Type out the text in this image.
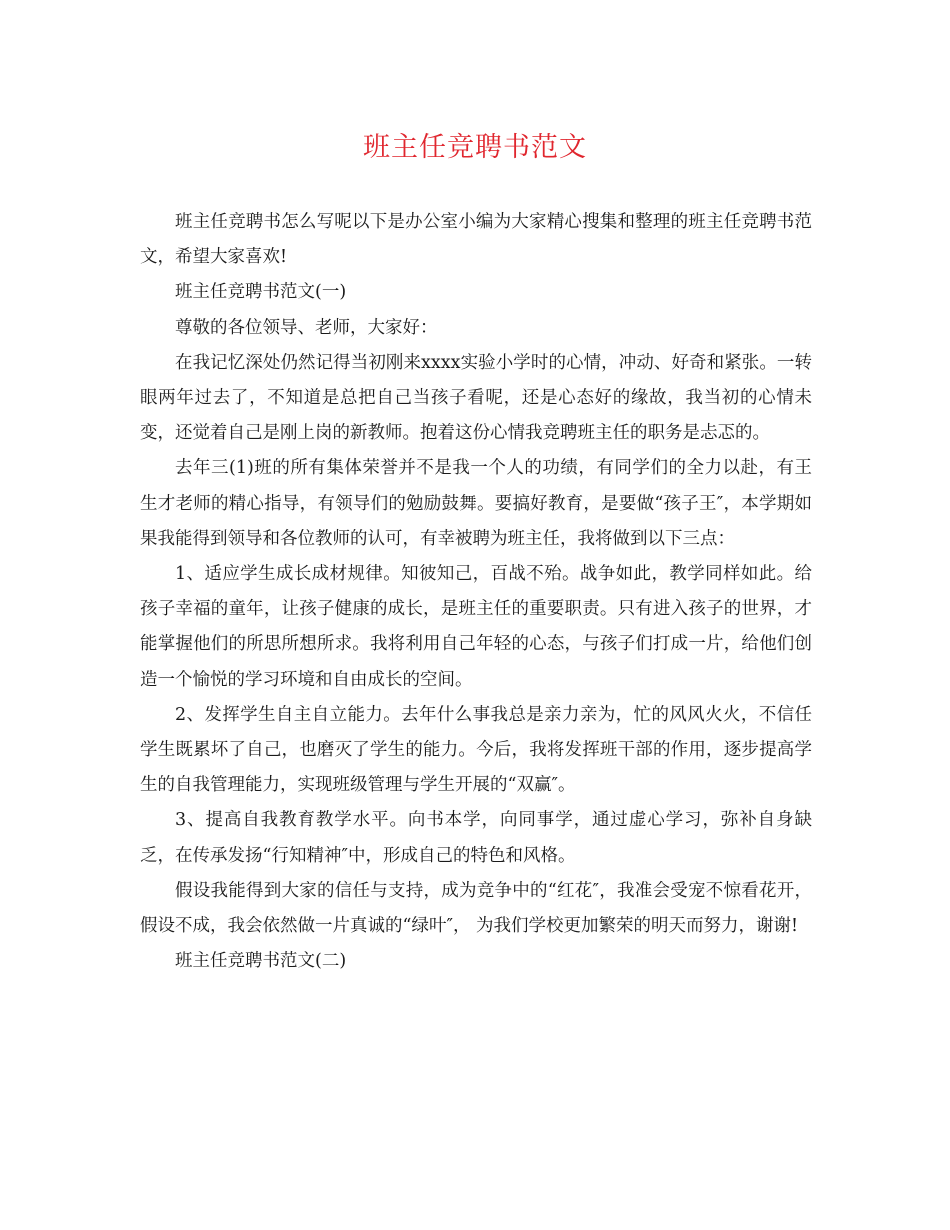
班主任竞聘书范文

班主任竞聘书怎么写呢以下是办公室小编为大家精心搜集和整理的班主任竞聘书范文，希望大家喜欢!

班主任竞聘书范文(一)

尊敬的各位领导、老师，大家好：

在我记忆深处仍然记得当初刚来xxxx实验小学时的心情，冲动、好奇和紧张。一转眼两年过去了，不知道是总把自己当孩子看呢，还是心态好的缘故，我当初的心情未变，还觉着自己是刚上岗的新教师。抱着这份心情我竞聘班主任的职务是忐忑的。

去年三(1)班的所有集体荣誉并不是我一个人的功绩，有同学们的全力以赴，有王生才老师的精心指导，有领导们的勉励鼓舞。要搞好教育，是要做“孩子王″，本学期如果我能得到领导和各位教师的认可，有幸被聘为班主任，我将做到以下三点：

1、适应学生成长成材规律。知彼知己，百战不殆。战争如此，教学同样如此。给孩子幸福的童年，让孩子健康的成长，是班主任的重要职责。只有进入孩子的世界，才能掌握他们的所思所想所求。我将利用自己年轻的心态，与孩子们打成一片，给他们创造一个愉悦的学习环境和自由成长的空间。

2、发挥学生自主自立能力。去年什么事我总是亲力亲为，忙的风风火火，不信任学生既累坏了自己，也磨灭了学生的能力。今后，我将发挥班干部的作用，逐步提高学生的自我管理能力，实现班级管理与学生开展的“双赢″。

3、提高自我教育教学水平。向书本学，向同事学，通过虚心学习，弥补自身缺乏，在传承发扬“行知精神″中，形成自己的特色和风格。

假设我能得到大家的信任与支持，成为竞争中的“红花″，我准会受宠不惊看花开，假设不成，我会依然做一片真诚的“绿叶″， 为我们学校更加繁荣的明天而努力，谢谢!

班主任竞聘书范文(二)
